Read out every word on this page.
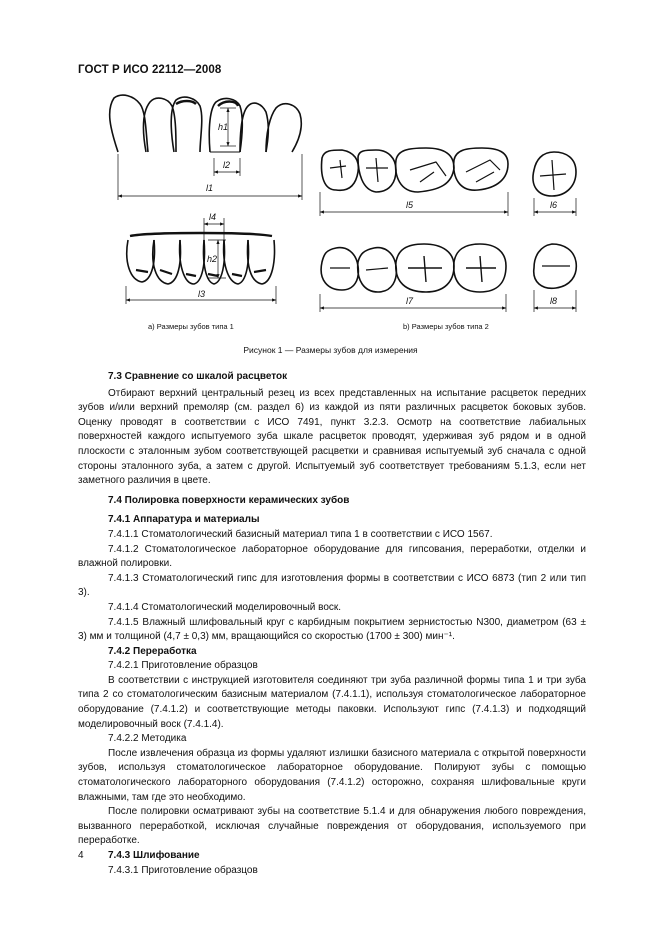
ГОСТ Р ИСО 22112—2008
l1
l2
h1
l3
l4
h2
l5	l6
l7	l8
а) Размеры зубов типа 1	b) Размеры зубов типа 2
Рисунок 1 — Размеры зубов для измерения

7.3 Сравнение со шкалой расцветок

Отбирают верхний центральный резец из всех представленных на испытание расцветок передних зубов и/или верхний премоляр (см. раздел 6) из каждой из пяти различных расцветок боковых зубов. Оценку проводят в соответствии с ИСО 7491, пункт 3.2.3. Осмотр на соответствие лабиальных поверхностей каждого испытуемого зуба шкале расцветок проводят, удерживая зуб рядом и в одной плоскости с эталонным зубом соответствующей расцветки и сравнивая испытуемый зуб сначала с одной стороны эталонного зуба, а затем с другой. Испытуемый зуб соответствует требованиям 5.1.3, если нет заметного различия в цвете.

7.4 Полировка поверхности керамических зубов

7.4.1 Аппаратура и материалы

7.4.1.1 Стоматологический базисный материал типа 1 в соответствии с ИСО 1567.

7.4.1.2 Стоматологическое лабораторное оборудование для гипсования, переработки, отделки и влажной полировки.

7.4.1.3 Стоматологический гипс для изготовления формы в соответствии с ИСО 6873 (тип 2 или тип 3).

7.4.1.4 Стоматологический моделировочный воск.

7.4.1.5 Влажный шлифовальный круг с карбидным покрытием зернистостью N300, диаметром (63 ± 3) мм и толщиной (4,7 ± 0,3) мм, вращающийся со скоростью (1700 ± 300) мин⁻¹.

7.4.2 Переработка

7.4.2.1 Приготовление образцов

В соответствии с инструкцией изготовителя соединяют три зуба различной формы типа 1 и три зуба типа 2 со стоматологическим базисным материалом (7.4.1.1), используя стоматологическое лабораторное оборудование (7.4.1.2) и соответствующие методы паковки. Используют гипс (7.4.1.3) и подходящий моделировочный воск (7.4.1.4).

7.4.2.2 Методика

После извлечения образца из формы удаляют излишки базисного материала с открытой поверхности зубов, используя стоматологическое лабораторное оборудование. Полируют зубы с помощью стоматологического лабораторного оборудования (7.4.1.2) осторожно, сохраняя шлифовальные круги влажными, там где это необходимо.

После полировки осматривают зубы на соответствие 5.1.4 и для обнаружения любого повреждения, вызванного переработкой, исключая случайные повреждения от оборудования, используемого при переработке.

7.4.3 Шлифование

7.4.3.1 Приготовление образцов

4
